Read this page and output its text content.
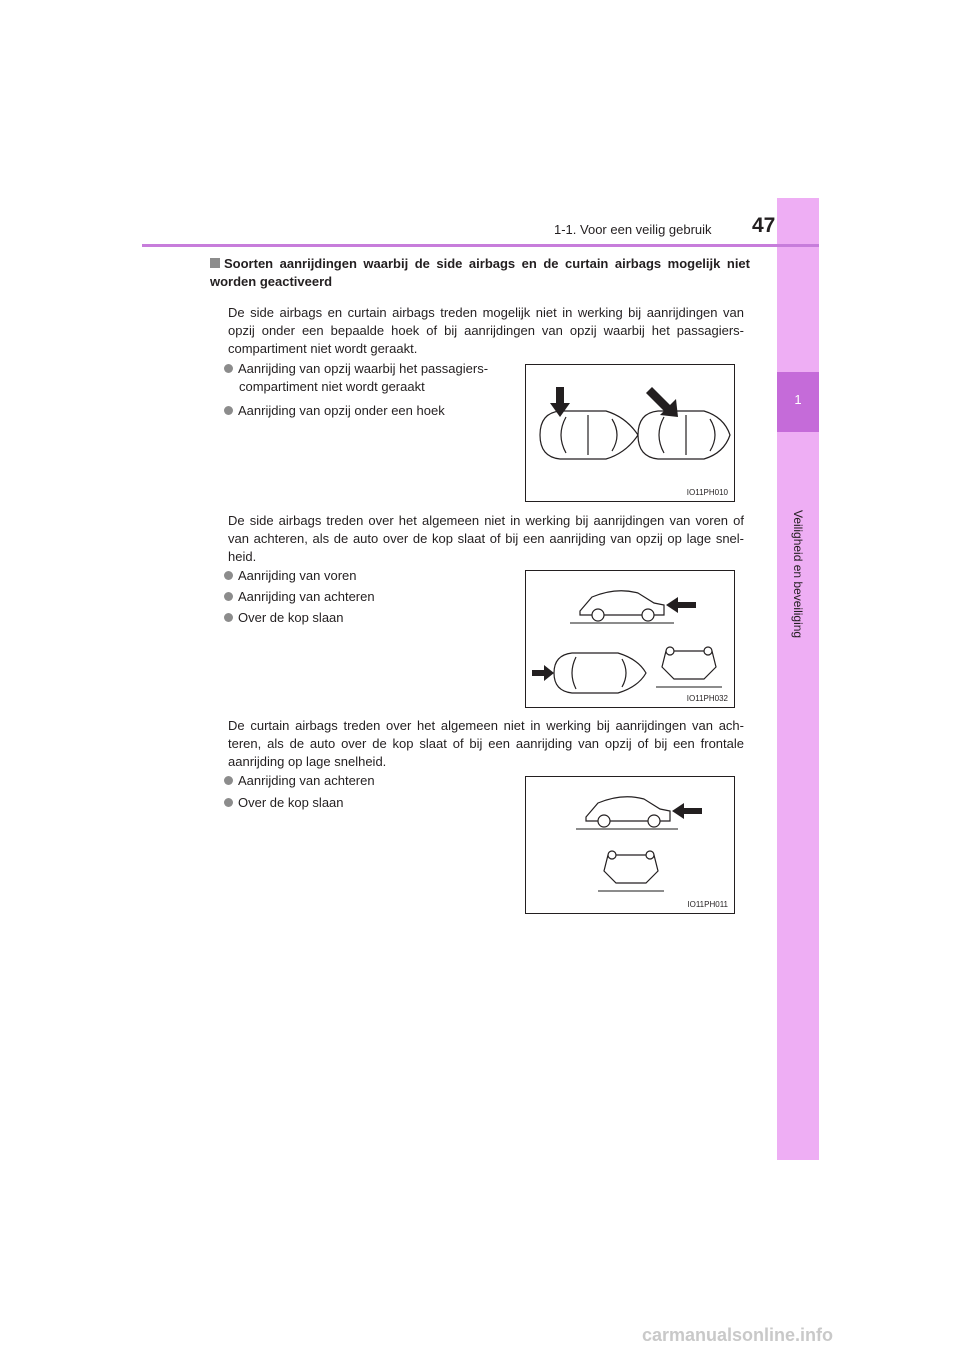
1
Veiligheid en beveiliging
1-1. Voor een veilig gebruik 47
Soorten aanrijdingen waarbij de side airbags en de curtain airbags mogelijk niet worden geactiveerd
De side airbags en curtain airbags treden mogelijk niet in werking bij aanrijdingen van opzij onder een bepaalde hoek of bij aanrijdingen van opzij waarbij het passagiers-compartiment niet wordt geraakt.
Aanrijding van opzij waarbij het passagiers-
compartiment niet wordt geraakt
Aanrijding van opzij onder een hoek
IO11PH010
De side airbags treden over het algemeen niet in werking bij aanrijdingen van voren of van achteren, als de auto over de kop slaat of bij een aanrijding van opzij op lage snel-heid.
Aanrijding van voren
Aanrijding van achteren
Over de kop slaan
IO11PH032
De curtain airbags treden over het algemeen niet in werking bij aanrijdingen van ach-teren, als de auto over de kop slaat of bij een aanrijding van opzij of bij een frontale aanrijding op lage snelheid.
Aanrijding van achteren
Over de kop slaan
IO11PH011
carmanualsonline.info
